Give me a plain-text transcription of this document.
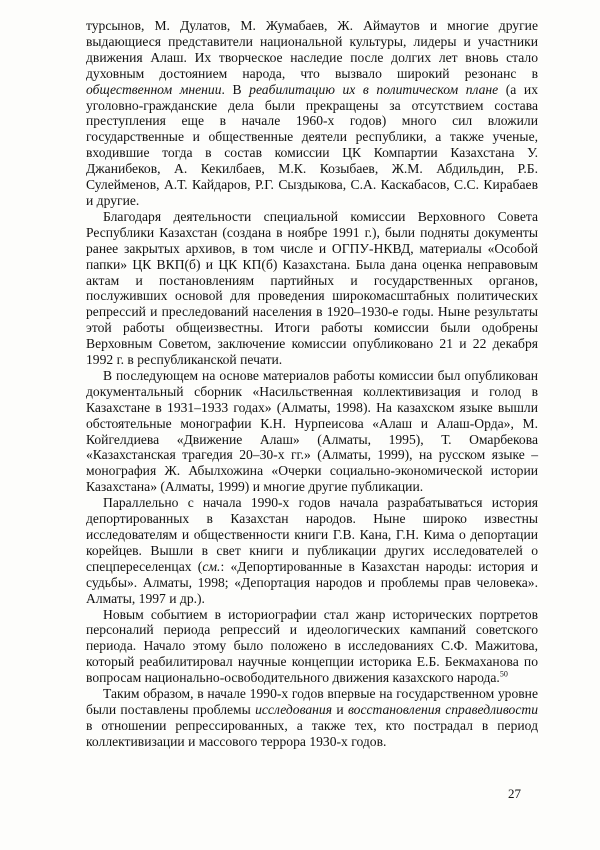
турсынов, М. Дулатов, М. Жумабаев, Ж. Аймаутов и многие другие выдающиеся представители национальной культуры, лидеры и участники движения Алаш. Их творческое наследие после долгих лет вновь стало духовным достоянием народа, что вызвало широкий резонанс в общественном мнении. В реабилитацию их в политическом плане (а их уголовно-гражданские дела были прекращены за отсутствием состава преступления еще в начале 1960-х годов) много сил вложили государственные и общественные деятели республики, а также ученые, входившие тогда в состав комиссии ЦК Компартии Казахстана У. Джанибеков, А. Кекилбаев, М.К. Козыбаев, Ж.М. Абдильдин, Р.Б. Сулейменов, А.Т. Кайдаров, Р.Г. Сыздыкова, С.А. Каскабасов, С.С. Кирабаев и другие.

Благодаря деятельности специальной комиссии Верховного Совета Республики Казахстан (создана в ноябре 1991 г.), были подняты документы ранее закрытых архивов, в том числе и ОГПУ-НКВД, материалы «Особой папки» ЦК ВКП(б) и ЦК КП(б) Казахстана. Была дана оценка неправовым актам и постановлениям партийных и государственных органов, послуживших основой для проведения широкомасштабных политических репрессий и преследований населения в 1920–1930-е годы. Ныне результаты этой работы общеизвестны. Итоги работы комиссии были одобрены Верховным Советом, заключение комиссии опубликовано 21 и 22 декабря 1992 г. в республиканской печати.

В последующем на основе материалов работы комиссии был опубликован документальный сборник «Насильственная коллективизация и голод в Казахстане в 1931–1933 годах» (Алматы, 1998). На казахском языке вышли обстоятельные монографии К.Н. Нурпеисова «Алаш и Алаш-Орда», М. Койгелдиева «Движение Алаш» (Алматы, 1995), Т. Омарбекова «Казахстанская трагедия 20–30-х гг.» (Алматы, 1999), на русском языке – монография Ж. Абылхожина «Очерки социально-экономической истории Казахстана» (Алматы, 1999) и многие другие публикации.

Параллельно с начала 1990-х годов начала разрабатываться история депортированных в Казахстан народов. Ныне широко известны исследователям и общественности книги Г.В. Кана, Г.Н. Кима о депортации корейцев. Вышли в свет книги и публикации других исследователей о спецпереселенцах (см.: «Депортированные в Казахстан народы: история и судьбы». Алматы, 1998; «Депортация народов и проблемы прав человека». Алматы, 1997 и др.).

Новым событием в историографии стал жанр исторических портретов персоналий периода репрессий и идеологических кампаний советского периода. Начало этому было положено в исследованиях С.Ф. Мажитова, который реабилитировал научные концепции историка Е.Б. Бекмаханова по вопросам национально-освободительного движения казахского народа.$^{50}$

Таким образом, в начале 1990-х годов впервые на государственном уровне были поставлены проблемы исследования и восстановления справедливости в отношении репрессированных, а также тех, кто пострадал в период коллективизации и массового террора 1930-х годов.

27
